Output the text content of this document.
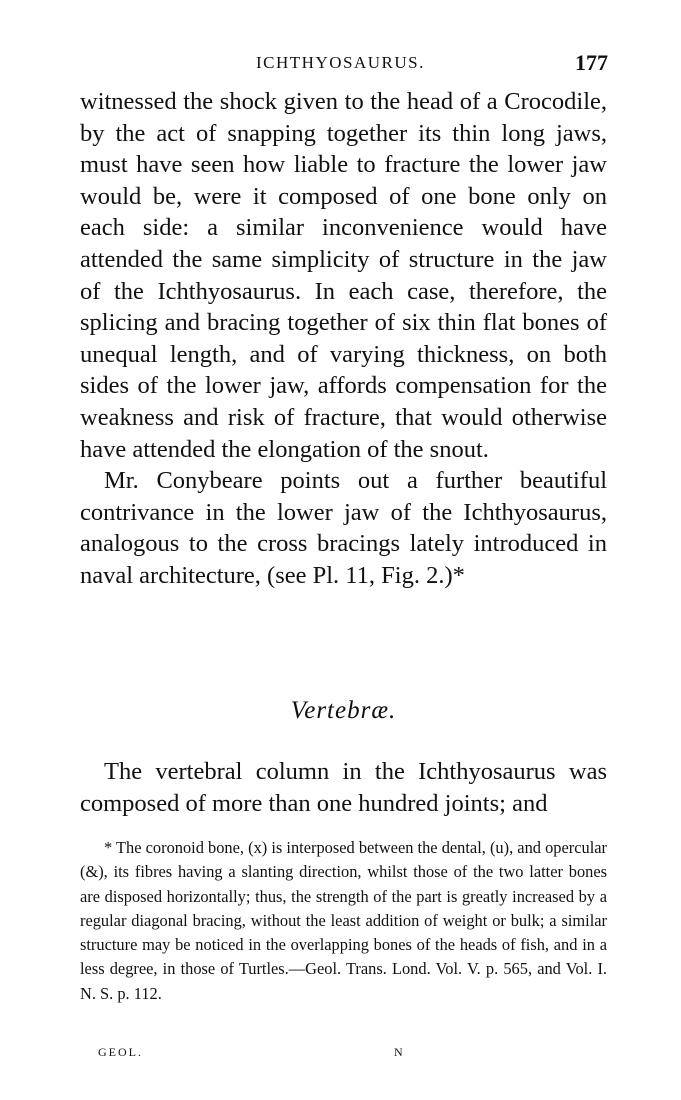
ICHTHYOSAURUS.	177

witnessed the shock given to the head of a Crocodile, by the act of snapping together its thin long jaws, must have seen how liable to fracture the lower jaw would be, were it composed of one bone only on each side: a similar inconvenience would have attended the same simplicity of structure in the jaw of the Ichthyosaurus. In each case, therefore, the splicing and bracing together of six thin flat bones of unequal length, and of varying thickness, on both sides of the lower jaw, affords compensation for the weakness and risk of fracture, that would otherwise have attended the elongation of the snout.

Mr. Conybeare points out a further beautiful contrivance in the lower jaw of the Ichthyosaurus, analogous to the cross bracings lately introduced in naval architecture, (see Pl. 11, Fig. 2.)*

Vertebræ.

The vertebral column in the Ichthyosaurus was composed of more than one hundred joints; and

* The coronoid bone, (x) is interposed between the dental, (u), and opercular (&), its fibres having a slanting direction, whilst those of the two latter bones are disposed horizontally; thus, the strength of the part is greatly increased by a regular diagonal bracing, without the least addition of weight or bulk; a similar structure may be noticed in the overlapping bones of the heads of fish, and in a less degree, in those of Turtles.—Geol. Trans. Lond. Vol. V. p. 565, and Vol. I. N. S. p. 112.

GEOL.	N
